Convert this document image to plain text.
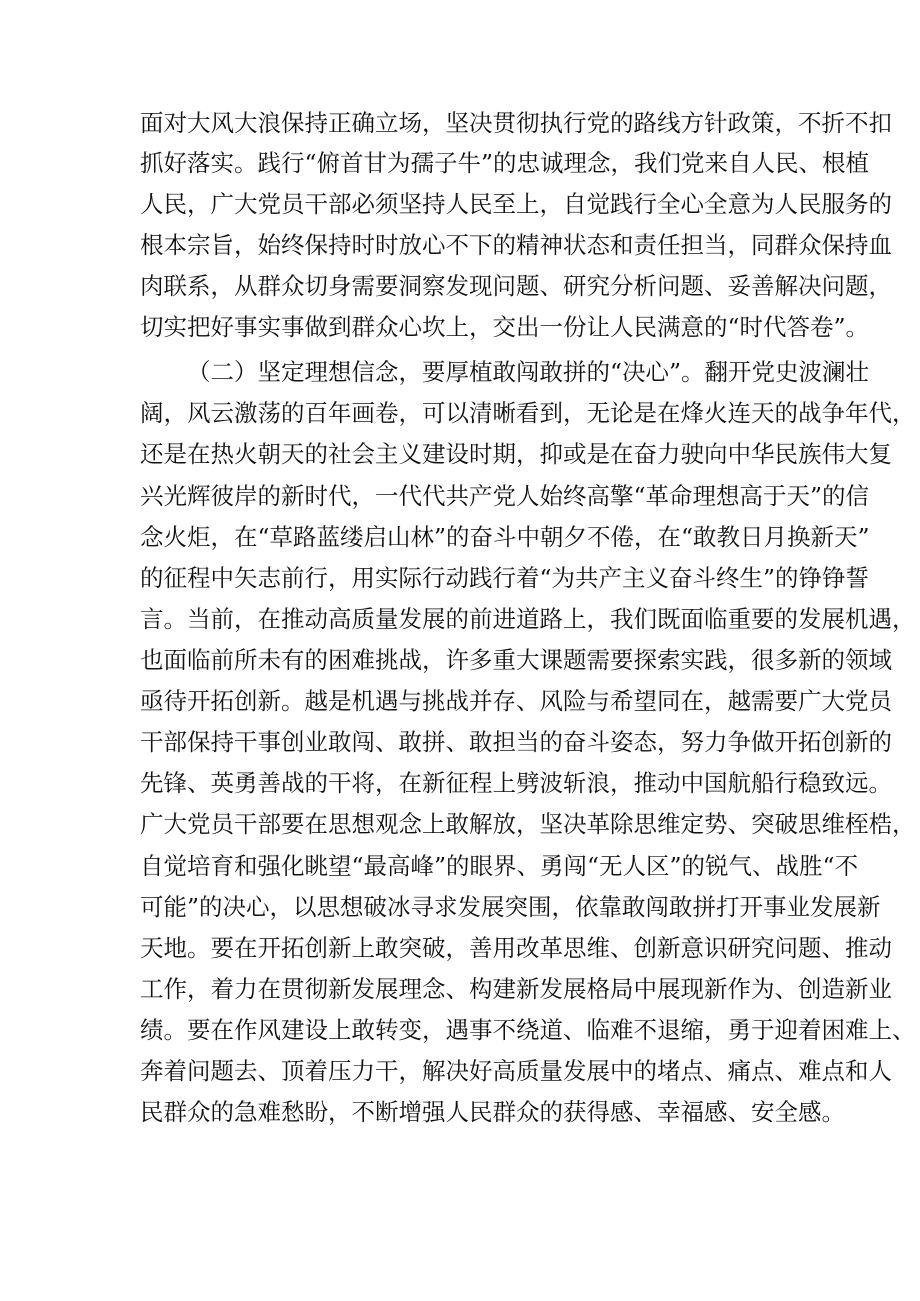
面对大风大浪保持正确立场，坚决贯彻执行党的路线方针政策，不折不扣
抓好落实。践行“俯首甘为孺子牛”的忠诚理念，我们党来自人民、根植
人民，广大党员干部必须坚持人民至上，自觉践行全心全意为人民服务的
根本宗旨，始终保持时时放心不下的精神状态和责任担当，同群众保持血
肉联系，从群众切身需要洞察发现问题、研究分析问题、妥善解决问题，
切实把好事实事做到群众心坎上，交出一份让人民满意的“时代答卷”。
（二）坚定理想信念，要厚植敢闯敢拼的“决心”。翻开党史波澜壮
阔，风云激荡的百年画卷，可以清晰看到，无论是在烽火连天的战争年代，
还是在热火朝天的社会主义建设时期，抑或是在奋力驶向中华民族伟大复
兴光辉彼岸的新时代，一代代共产党人始终高擎“革命理想高于天”的信
念火炬，在“草路蓝缕启山林”的奋斗中朝夕不倦，在“敢教日月换新天”
的征程中矢志前行，用实际行动践行着“为共产主义奋斗终生”的铮铮誓
言。当前，在推动高质量发展的前进道路上，我们既面临重要的发展机遇，
也面临前所未有的困难挑战，许多重大课题需要探索实践，很多新的领域
亟待开拓创新。越是机遇与挑战并存、风险与希望同在，越需要广大党员
干部保持干事创业敢闯、敢拼、敢担当的奋斗姿态，努力争做开拓创新的
先锋、英勇善战的干将，在新征程上劈波斩浪，推动中国航船行稳致远。
广大党员干部要在思想观念上敢解放，坚决革除思维定势、突破思维桎梏，
自觉培育和强化眺望“最高峰”的眼界、勇闯“无人区”的锐气、战胜“不
可能”的决心，以思想破冰寻求发展突围，依靠敢闯敢拼打开事业发展新
天地。要在开拓创新上敢突破，善用改革思维、创新意识研究问题、推动
工作，着力在贯彻新发展理念、构建新发展格局中展现新作为、创造新业
绩。要在作风建设上敢转变，遇事不绕道、临难不退缩，勇于迎着困难上、
奔着问题去、顶着压力干，解决好高质量发展中的堵点、痛点、难点和人
民群众的急难愁盼，不断增强人民群众的获得感、幸福感、安全感。
